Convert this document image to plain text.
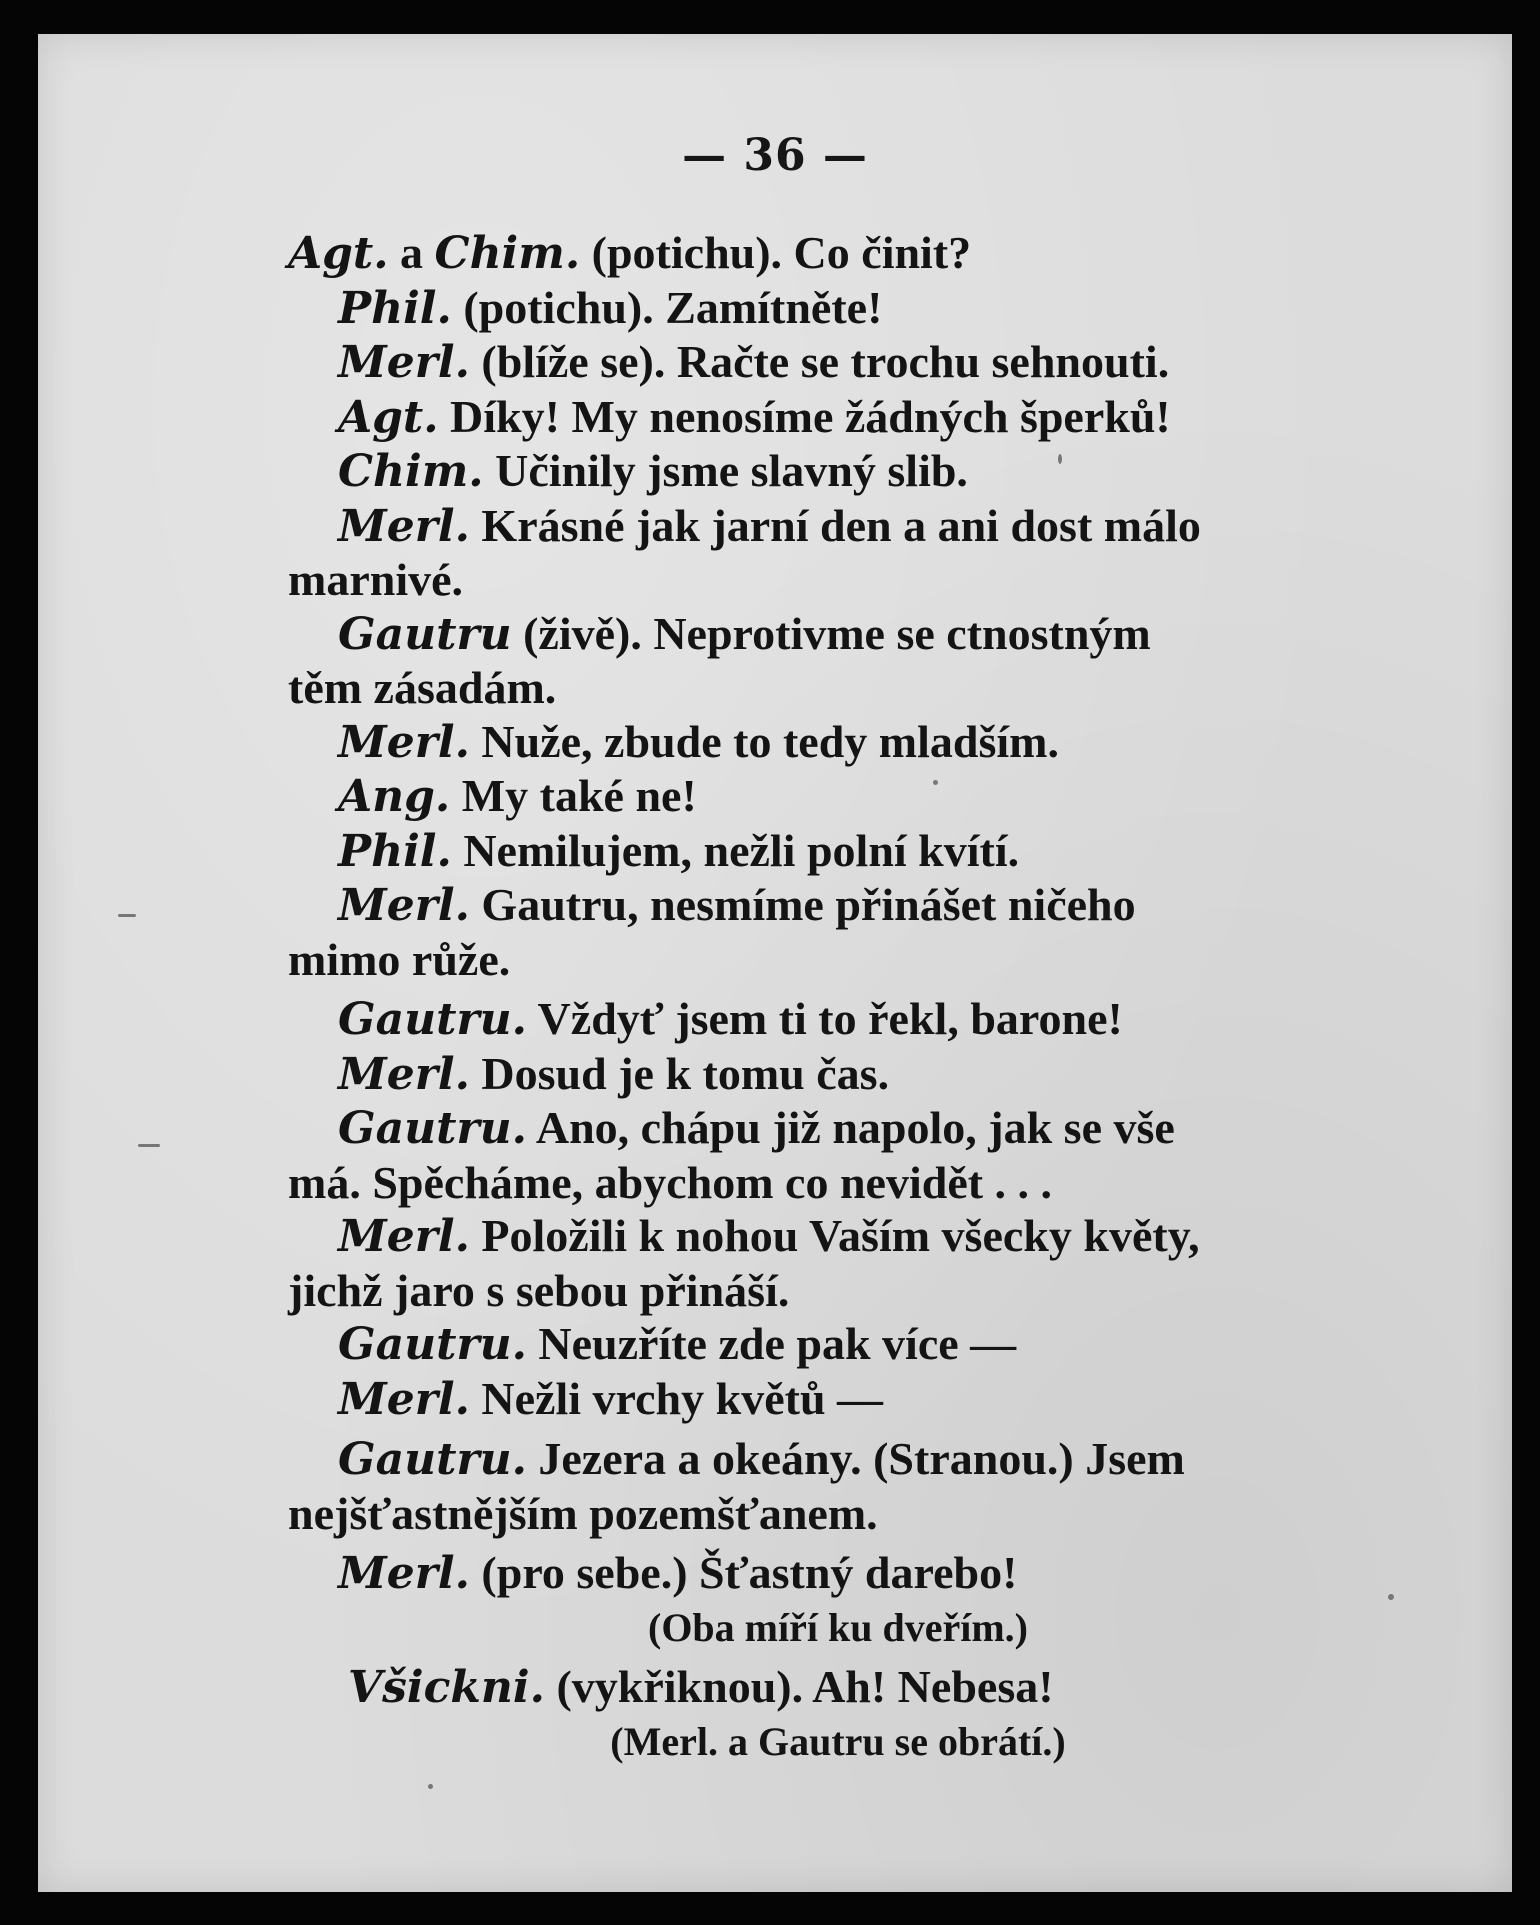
— 36 —
Agt. a Chim. (potichu). Co činit?
Phil. (potichu). Zamítněte!
Merl. (blíže se). Račte se trochu sehnouti.
Agt. Díky! My nenosíme žádných šperků!
Chim. Učinily jsme slavný slib.
Merl. Krásné jak jarní den a ani dost málo
marnivé.
Gautru (živě). Neprotivme se ctnostným
těm zásadám.
Merl. Nuže, zbude to tedy mladším.
Ang. My také ne!
Phil. Nemilujem, nežli polní kvítí.
Merl. Gautru, nesmíme přinášet ničeho
mimo růže.
Gautru. Vždyť jsem ti to řekl, barone!
Merl. Dosud je k tomu čas.
Gautru. Ano, chápu již napolo, jak se vše
má. Spěcháme, abychom co nevidět . . .
Merl. Položili k nohou Vaším všecky květy,
jichž jaro s sebou přináší.
Gautru. Neuzříte zde pak více —
Merl. Nežli vrchy květů —
Gautru. Jezera a okeány. (Stranou.) Jsem
nejšťastnějším pozemšťanem.
Merl. (pro sebe.) Šťastný darebo!
(Oba míří ku dveřím.)
Všickni. (vykřiknou). Ah! Nebesa!
(Merl. a Gautru se obrátí.)
